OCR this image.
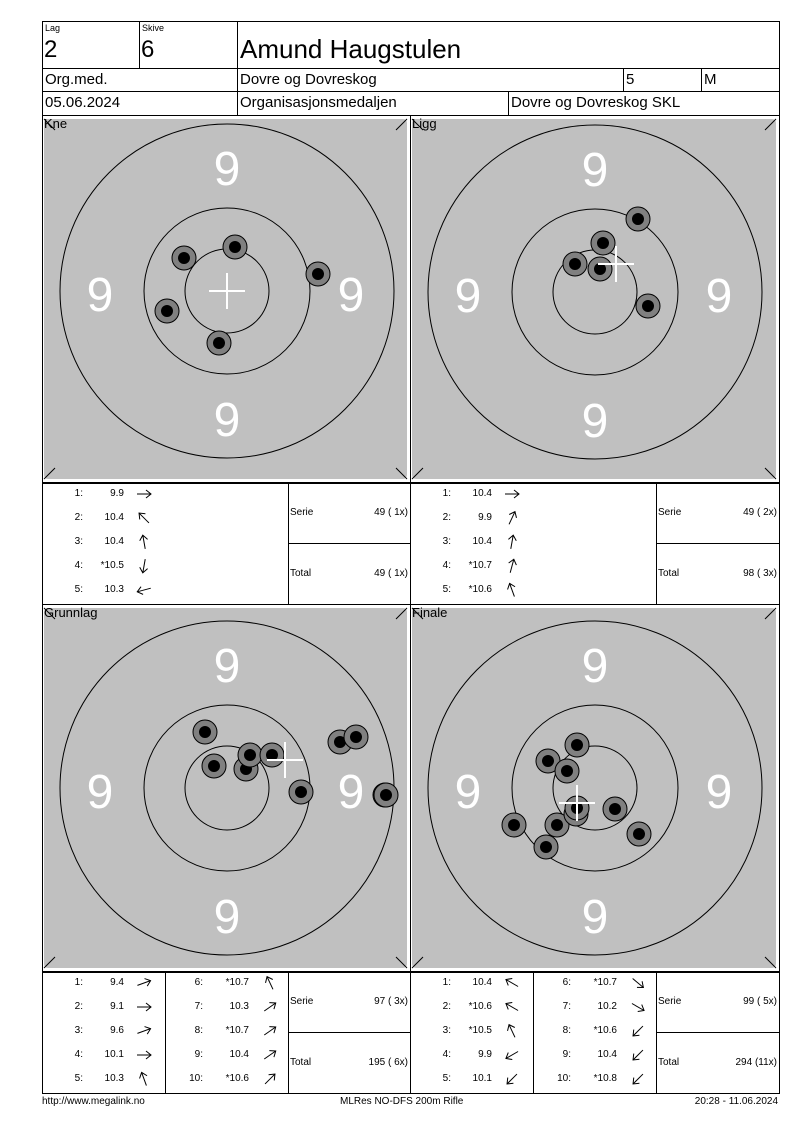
Lag
2
Skive
6	Amund Haugstulen
Org.med.	Dovre og Dovreskog	5	M
05.06.2024	Organisasjonsmedaljen	Dovre og Dovreskog SKL
Kne
9
9
9	9
1:	9.9
2:	10.4
3:	10.4
4:	*10.5
5:	10.3
Serie	49 ( 1x)
Total	49 ( 1x)
Ligg
9
9
9	9
1:	10.4
2:	9.9
3:	10.4
4:	*10.7
5:	*10.6
Serie	49 ( 2x)
Total	98 ( 3x)
Grunnlag
9
9
9	9
1:	9.4
2:	9.1
3:	9.6
4:	10.1
5:	10.3
6:	*10.7
7:	10.3
8:	*10.7
9:	10.4
10:	*10.6
Serie	97 ( 3x)
Total	195 ( 6x)
Finale
9
9
9	9
1:	10.4
2:	*10.6
3:	*10.5
4:	9.9
5:	10.1
6:	*10.7
7:	10.2
8:	*10.6
9:	10.4
10:	*10.8
Serie	99 ( 5x)
Total	294 (11x)
http://www.megalink.no	MLRes NO-DFS 200m Rifle	20:28 - 11.06.2024
